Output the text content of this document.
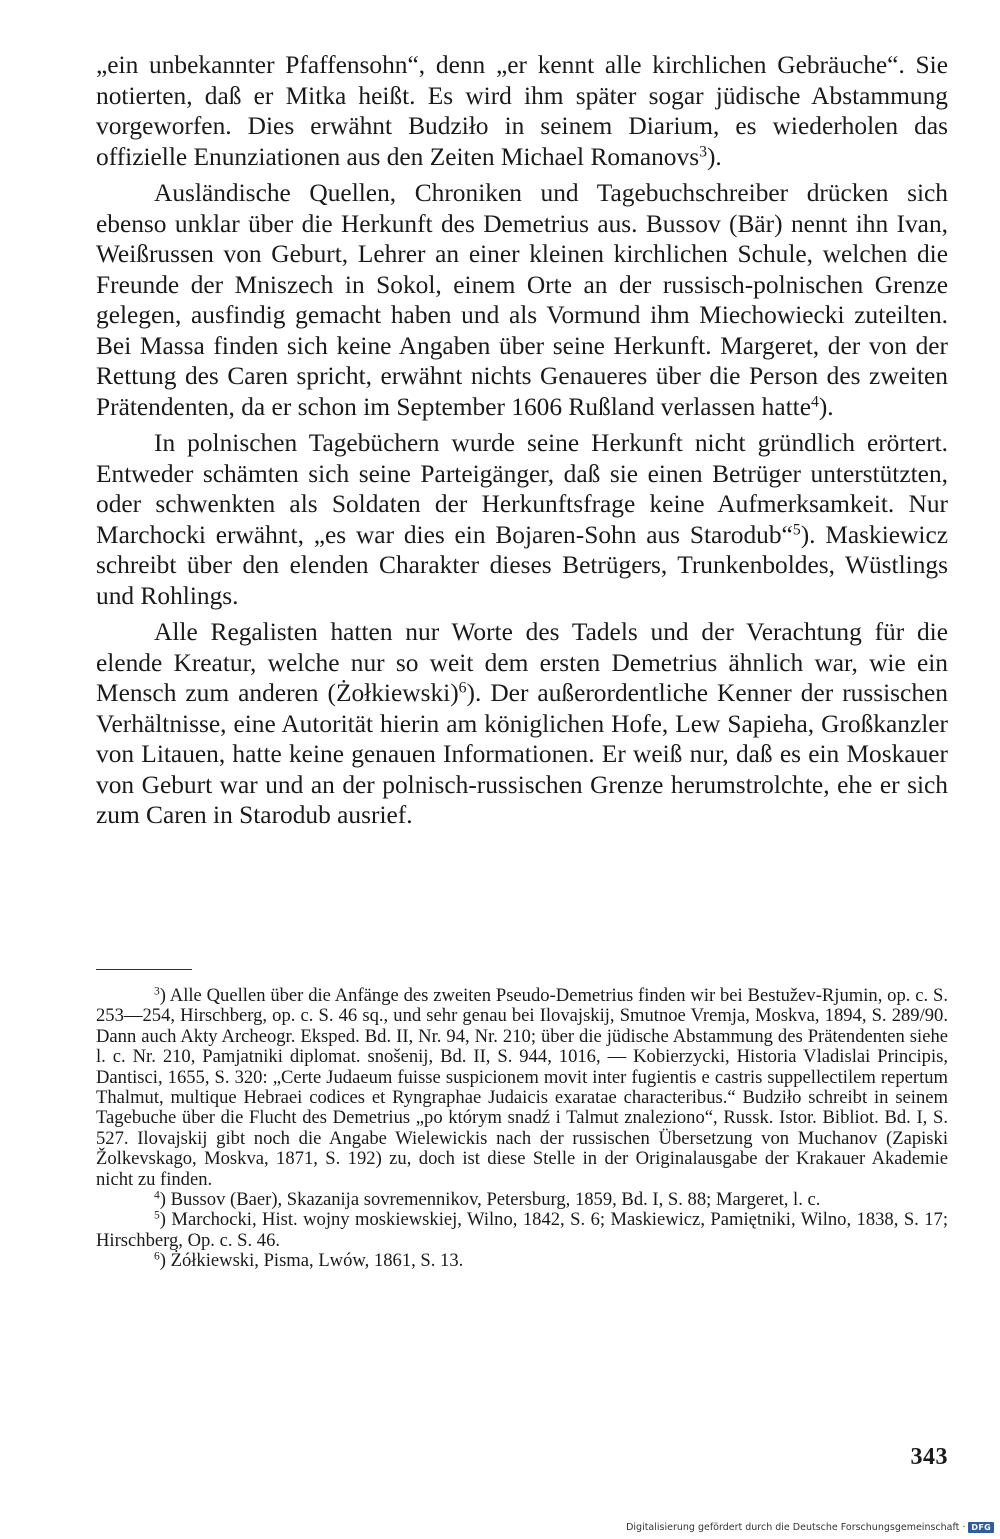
„ein unbekannter Pfaffensohn“, denn „er kennt alle kirchlichen Gebräuche“. Sie notierten, daß er Mitka heißt. Es wird ihm später sogar jüdische Abstammung vorgeworfen. Dies erwähnt Budziło in seinem Diarium, es wiederholen das offizielle Enunziationen aus den Zeiten Michael Romanovs$^3$).

Ausländische Quellen, Chroniken und Tagebuchschreiber drücken sich ebenso unklar über die Herkunft des Demetrius aus. Bussov (Bär) nennt ihn Ivan, Weißrussen von Geburt, Lehrer an einer kleinen kirchlichen Schule, welchen die Freunde der Mniszech in Sokol, einem Orte an der russisch-polnischen Grenze gelegen, ausfindig gemacht haben und als Vormund ihm Miechowiecki zuteilten. Bei Massa finden sich keine Angaben über seine Herkunft. Margeret, der von der Rettung des Caren spricht, erwähnt nichts Genaueres über die Person des zweiten Prätendenten, da er schon im September 1606 Rußland verlassen hatte$^4$).

In polnischen Tagebüchern wurde seine Herkunft nicht gründlich erörtert. Entweder schämten sich seine Parteigänger, daß sie einen Betrüger unterstützten, oder schwenkten als Soldaten der Herkunftsfrage keine Aufmerksamkeit. Nur Marchocki erwähnt, „es war dies ein Bojaren-Sohn aus Starodub“$^5$). Maskiewicz schreibt über den elenden Charakter dieses Betrügers, Trunkenboldes, Wüstlings und Rohlings.

Alle Regalisten hatten nur Worte des Tadels und der Verachtung für die elende Kreatur, welche nur so weit dem ersten Demetrius ähnlich war, wie ein Mensch zum anderen (Żołkiewski)$^6$). Der außerordentliche Kenner der russischen Verhältnisse, eine Autorität hierin am königlichen Hofe, Lew Sapieha, Großkanzler von Litauen, hatte keine genauen Informationen. Er weiß nur, daß es ein Moskauer von Geburt war und an der polnisch-russischen Grenze herumstrolchte, ehe er sich zum Caren in Starodub ausrief.

$^3$) Alle Quellen über die Anfänge des zweiten Pseudo-Demetrius finden wir bei Bestužev-Rjumin, op. c. S. 253—254, Hirschberg, op. c. S. 46 sq., und sehr genau bei Ilovajskij, Smutnoe Vremja, Moskva, 1894, S. 289/90. Dann auch Akty Archeogr. Eksped. Bd. II, Nr. 94, Nr. 210; über die jüdische Abstammung des Prätendenten siehe l. c. Nr. 210, Pamjatniki diplomat. snošenij, Bd. II, S. 944, 1016, — Kobierzycki, Historia Vladislai Principis, Dantisci, 1655, S. 320: „Certe Judaeum fuisse suspicionem movit inter fugientis e castris suppellectilem repertum Thalmut, multique Hebraei codices et Ryngraphae Judaicis exaratae characteribus.“ Budziło schreibt in seinem Tagebuche über die Flucht des Demetrius „po którym snadź i Talmut znaleziono“, Russk. Istor. Bibliot. Bd. I, S. 527. Ilovajskij gibt noch die Angabe Wielewickis nach der russischen Übersetzung von Muchanov (Zapiski Žolkevskago, Moskva, 1871, S. 192) zu, doch ist diese Stelle in der Originalausgabe der Krakauer Akademie nicht zu finden.

$^4$) Bussov (Baer), Skazanija sovremennikov, Petersburg, 1859, Bd. I, S. 88; Margeret, l. c.

$^5$) Marchocki, Hist. wojny moskiewskiej, Wilno, 1842, S. 6; Maskiewicz, Pamiętniki, Wilno, 1838, S. 17; Hirschberg, Op. c. S. 46.

$^6$) Żółkiewski, Pisma, Lwów, 1861, S. 13.

343
Digitalisierung gefördert durch die Deutsche Forschungsgemeinschaft · DFG
